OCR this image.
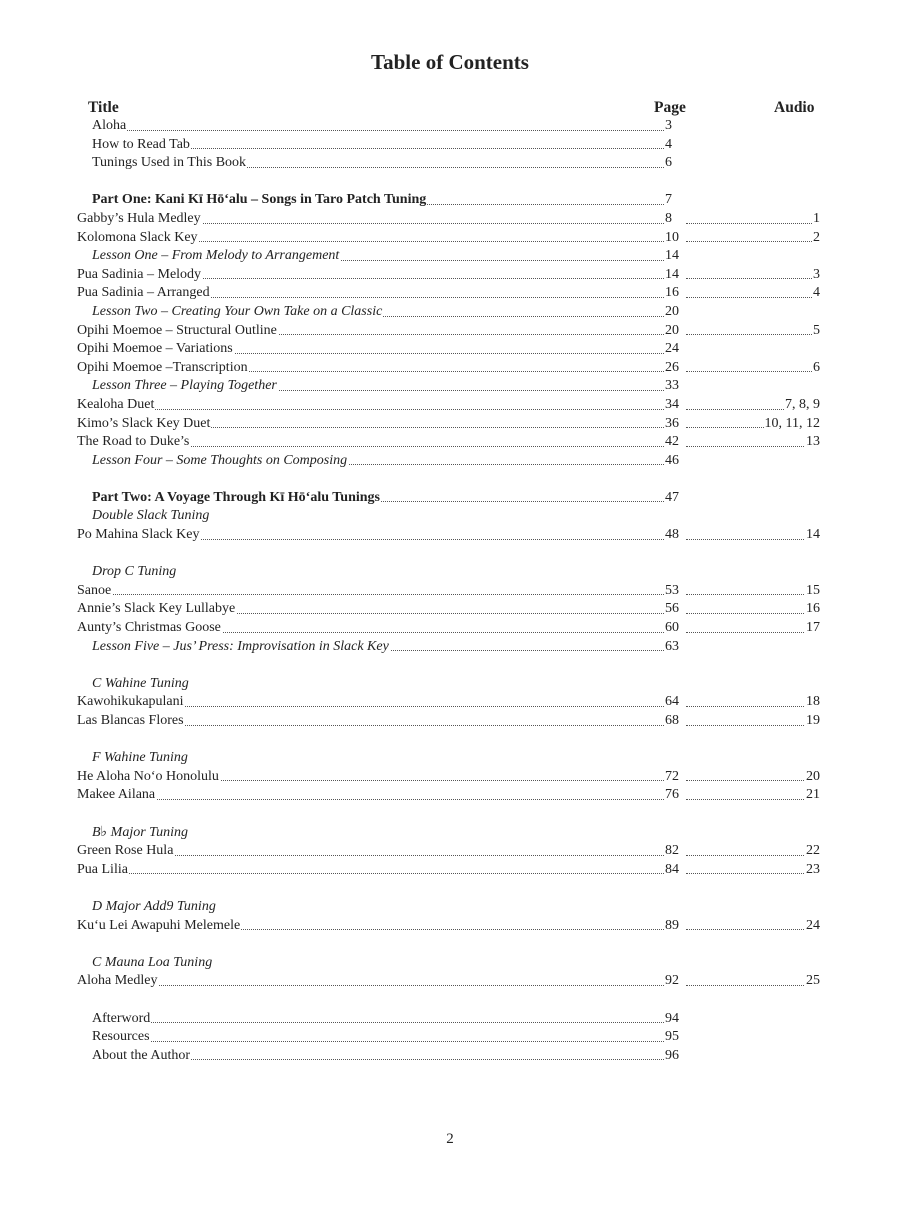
Table of Contents
Title	Page	Audio
Aloha	3
How to Read Tab	4
Tunings Used in This Book	6
Part One: Kani Kī Hō‘alu – Songs in Taro Patch Tuning	7
Gabby’s Hula Medley	8	1
Kolomona Slack Key	10	2
Lesson One – From Melody to Arrangement	14
Pua Sadinia – Melody	14	3
Pua Sadinia – Arranged	16	4
Lesson Two – Creating Your Own Take on a Classic	20
Opihi Moemoe – Structural Outline	20	5
Opihi Moemoe – Variations	24
Opihi Moemoe –Transcription	26	6
Lesson Three – Playing Together	33
Kealoha Duet	34	7, 8, 9
Kimo’s Slack Key Duet	36	10, 11, 12
The Road to Duke’s	42	13
Lesson Four – Some Thoughts on Composing	46
Part Two: A Voyage Through Kī Hō‘alu Tunings	47
Double Slack Tuning
Po Mahina Slack Key	48	14
Drop C Tuning
Sanoe	53	15
Annie’s Slack Key Lullabye	56	16
Aunty’s Christmas Goose	60	17
Lesson Five – Jus’ Press: Improvisation in Slack Key	63
C Wahine Tuning
Kawohikukapulani	64	18
Las Blancas Flores	68	19
F Wahine Tuning
He Aloha No‘o Honolulu	72	20
Makee Ailana	76	21
B♭ Major Tuning
Green Rose Hula	82	22
Pua Lilia	84	23
D Major Add9 Tuning
Ku‘u Lei Awapuhi Melemele	89	24
C Mauna Loa Tuning
Aloha Medley	92	25
Afterword	94
Resources	95
About the Author	96
2
